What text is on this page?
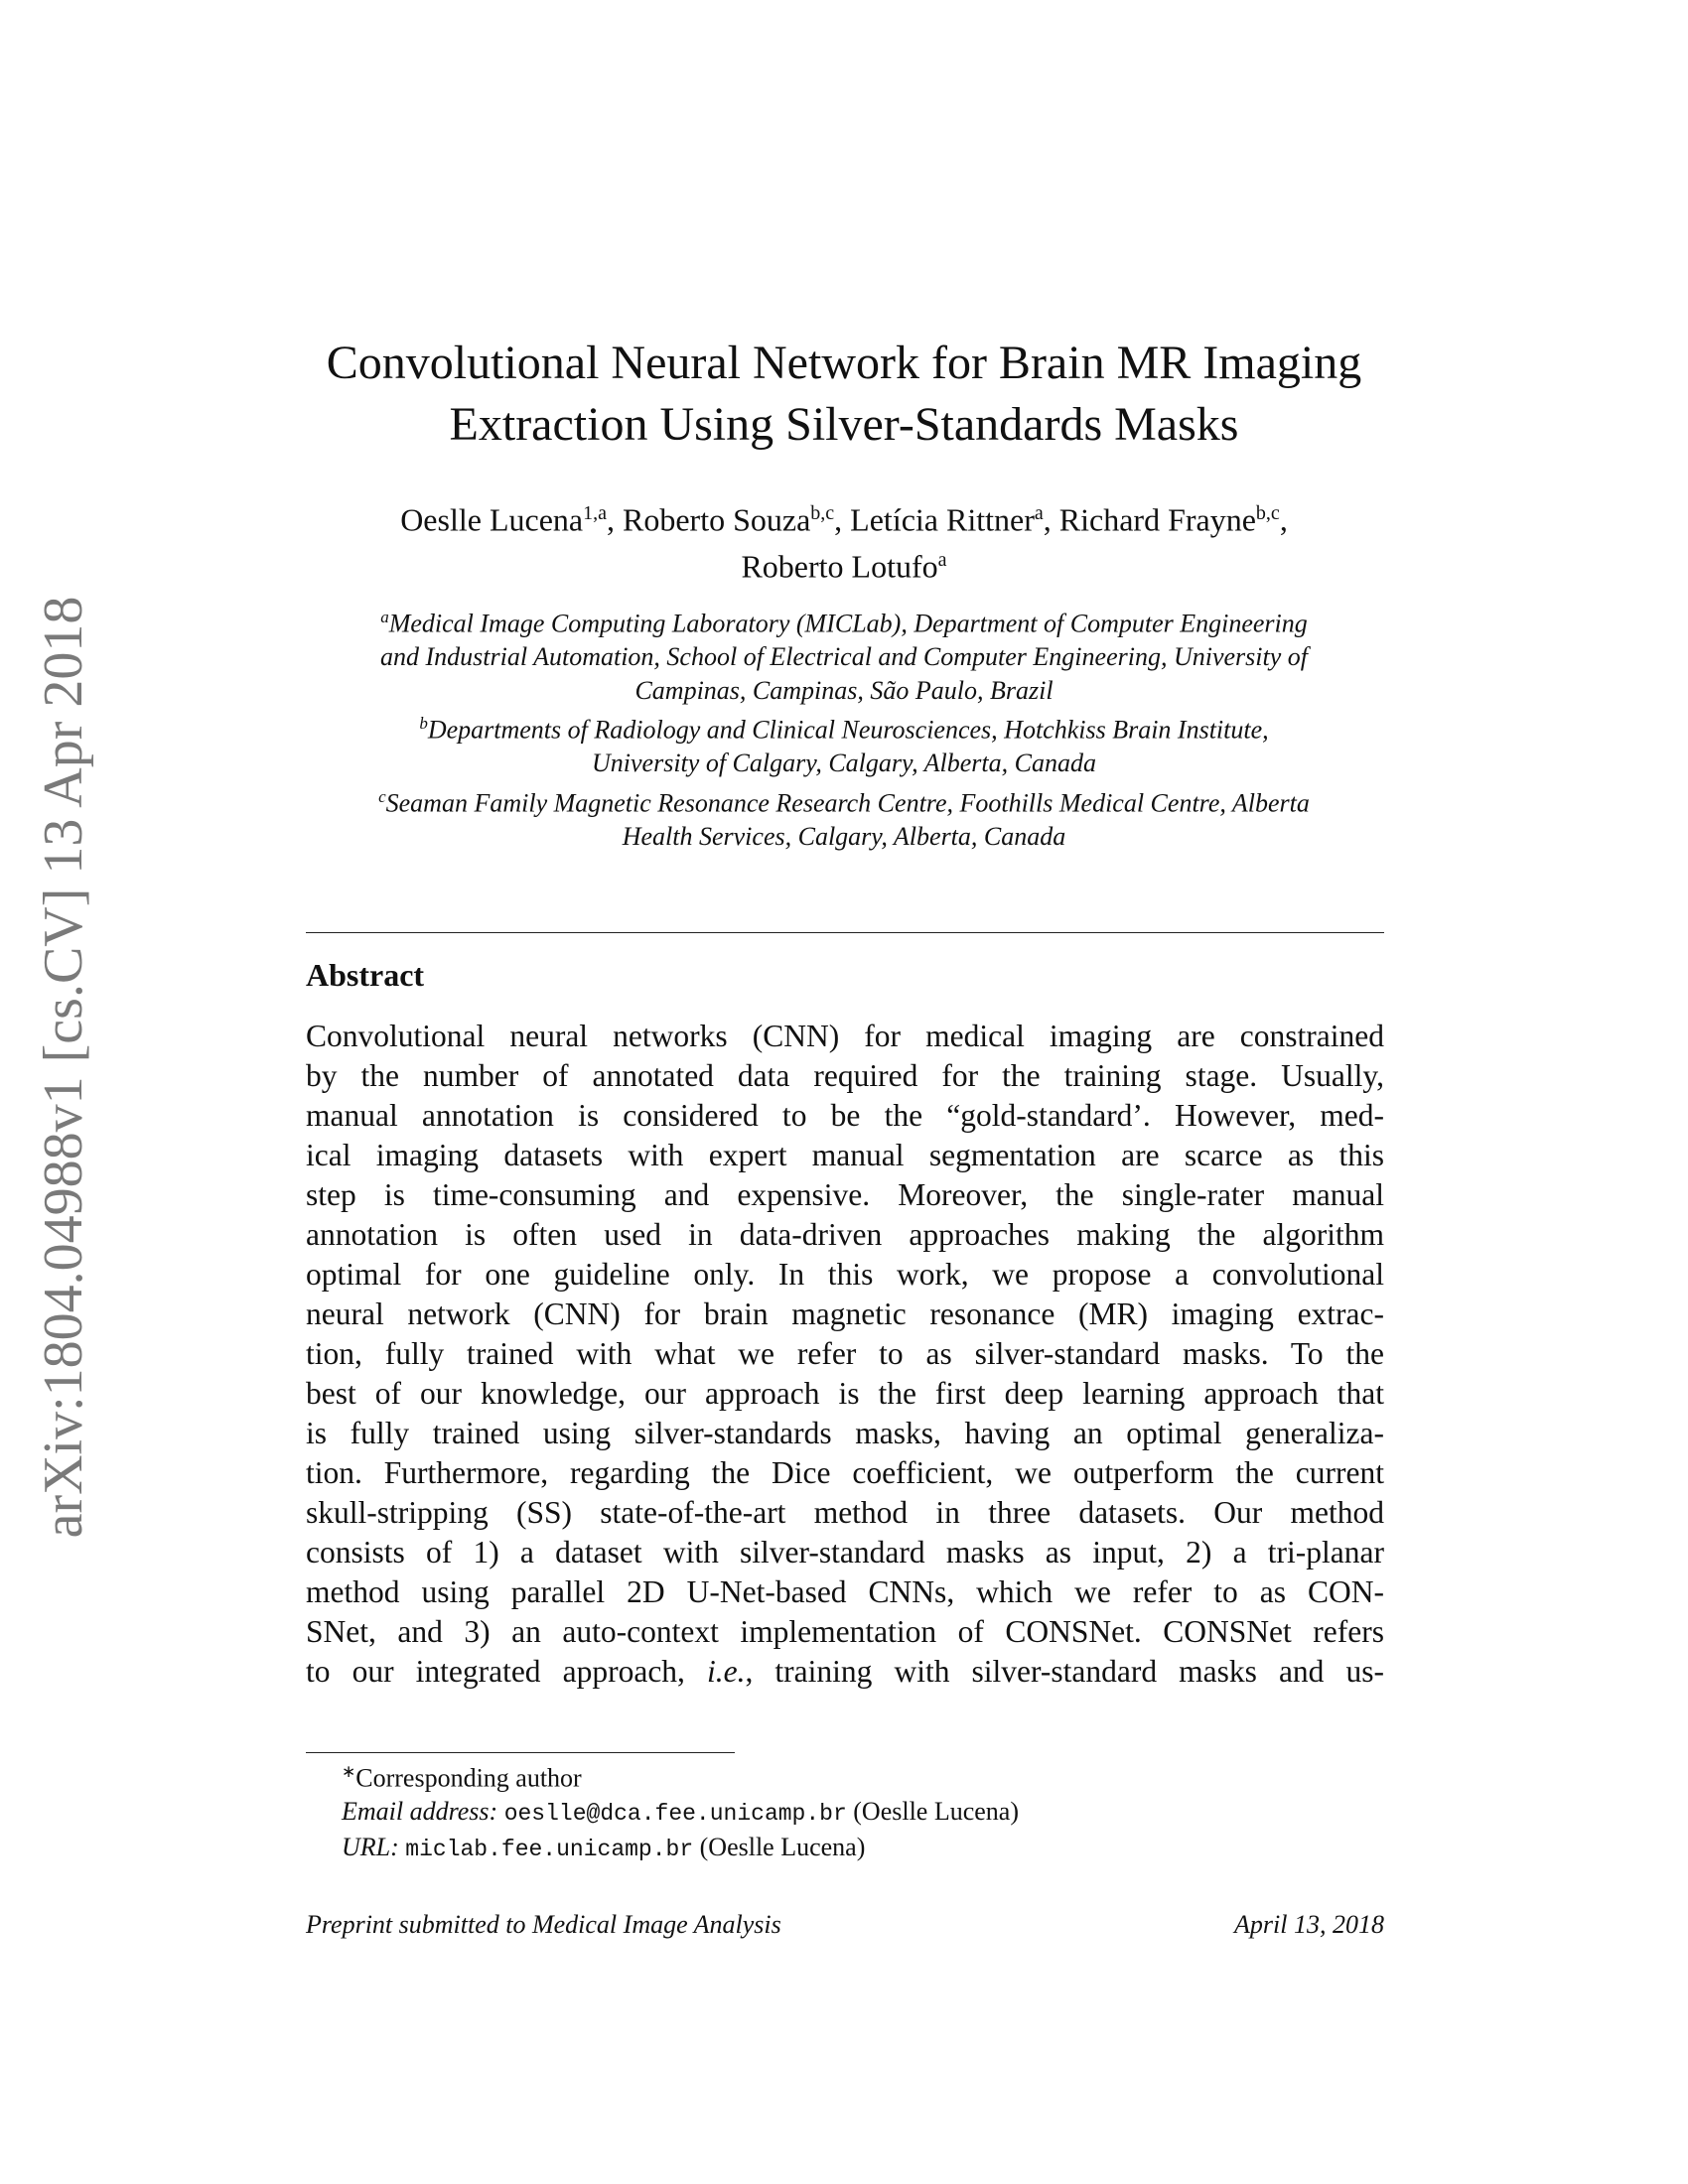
arXiv:1804.04988v1 [cs.CV] 13 Apr 2018
Convolutional Neural Network for Brain MR Imaging
Extraction Using Silver-Standards Masks
Oeslle Lucena$^{1,a}$, Roberto Souza$^{b,c}$, Letícia Rittner$^a$, Richard Frayne$^{b,c}$,
Roberto Lotufo$^a$
$^a$Medical Image Computing Laboratory (MICLab), Department of Computer Engineering
and Industrial Automation, School of Electrical and Computer Engineering, University of
Campinas, Campinas, São Paulo, Brazil
$^b$Departments of Radiology and Clinical Neurosciences, Hotchkiss Brain Institute,
University of Calgary, Calgary, Alberta, Canada
$^c$Seaman Family Magnetic Resonance Research Centre, Foothills Medical Centre, Alberta
Health Services, Calgary, Alberta, Canada
Abstract
Convolutional neural networks (CNN) for medical imaging are constrained
by the number of annotated data required for the training stage. Usually,
manual annotation is considered to be the “gold-standard’. However, med-
ical imaging datasets with expert manual segmentation are scarce as this
step is time-consuming and expensive. Moreover, the single-rater manual
annotation is often used in data-driven approaches making the algorithm
optimal for one guideline only. In this work, we propose a convolutional
neural network (CNN) for brain magnetic resonance (MR) imaging extrac-
tion, fully trained with what we refer to as silver-standard masks. To the
best of our knowledge, our approach is the first deep learning approach that
is fully trained using silver-standards masks, having an optimal generaliza-
tion. Furthermore, regarding the Dice coefficient, we outperform the current
skull-stripping (SS) state-of-the-art method in three datasets. Our method
consists of 1) a dataset with silver-standard masks as input, 2) a tri-planar
method using parallel 2D U-Net-based CNNs, which we refer to as CON-
SNet, and 3) an auto-context implementation of CONSNet. CONSNet refers
to our integrated approach, i.e., training with silver-standard masks and us-
∗Corresponding author
Email address: oeslle@dca.fee.unicamp.br (Oeslle Lucena)
URL: miclab.fee.unicamp.br (Oeslle Lucena)
Preprint submitted to Medical Image Analysis	April 13, 2018
